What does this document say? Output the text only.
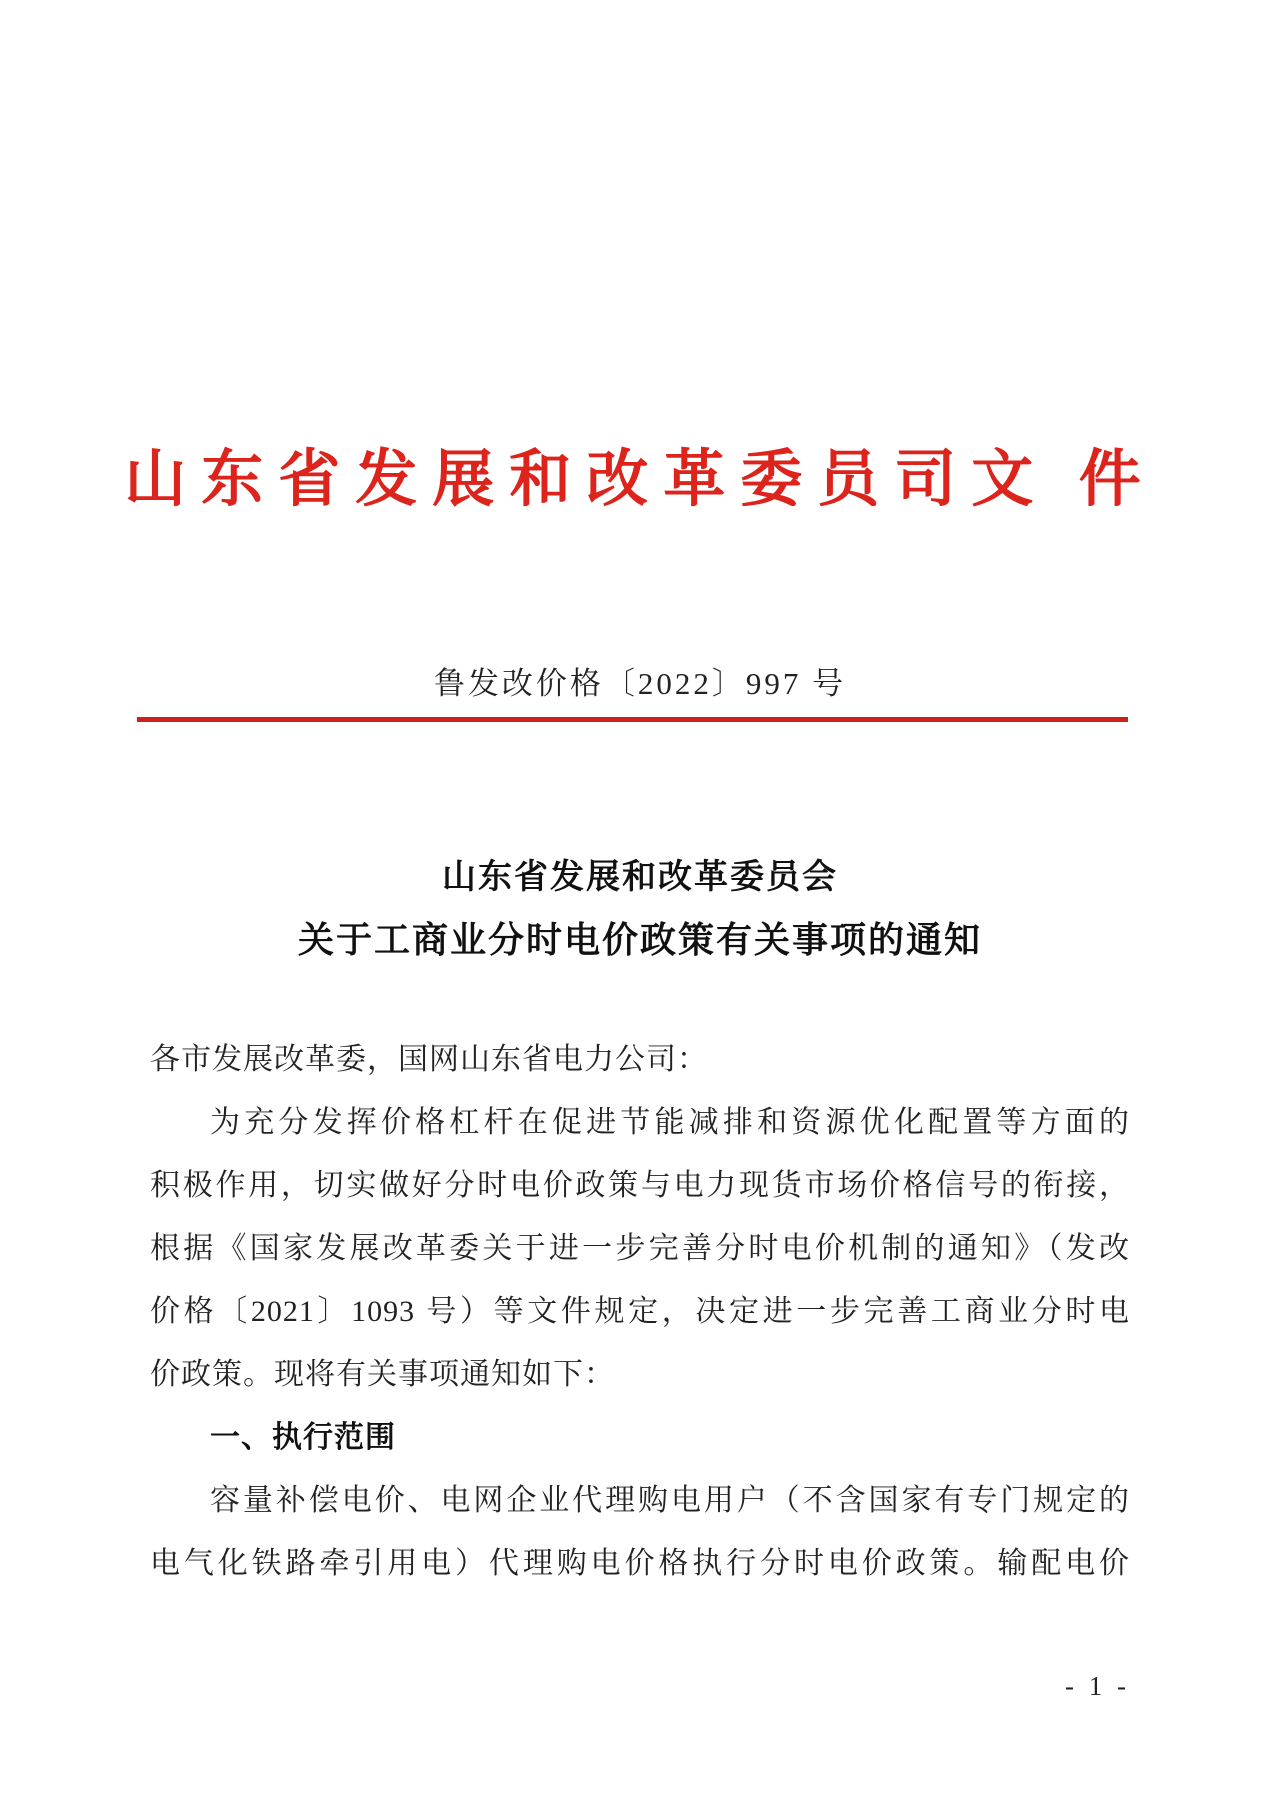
山东省发展和改革委员司文 件
鲁发改价格〔2022〕997 号
山东省发展和改革委员会
关于工商业分时电价政策有关事项的通知
各市发展改革委，国网山东省电力公司：
为充分发挥价格杠杆在促进节能减排和资源优化配置等方面的
积极作用，切实做好分时电价政策与电力现货市场价格信号的衔接，
根据《国家发展改革委关于进一步完善分时电价机制的通知》（发改
价格〔2021〕1093 号）等文件规定，决定进一步完善工商业分时电
价政策。现将有关事项通知如下：
一、执行范围
容量补偿电价、电网企业代理购电用户（不含国家有专门规定的
电气化铁路牵引用电）代理购电价格执行分时电价政策。输配电价
- 1 -
